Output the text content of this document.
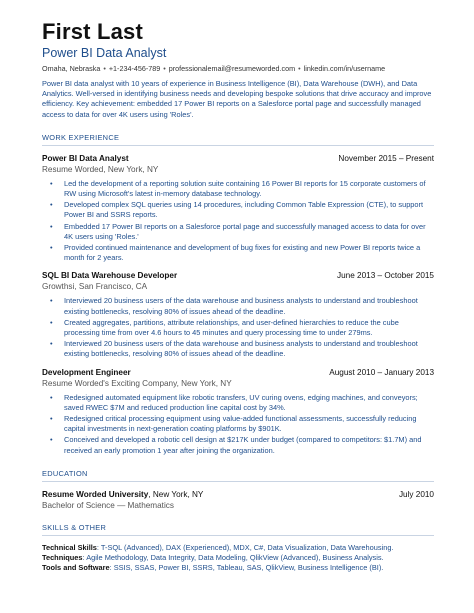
First Last
Power BI Data Analyst
Omaha, Nebraska • +1-234-456-789 • professionalemail@resumeworded.com • linkedin.com/in/username
Power BI data analyst with 10 years of experience in Business Intelligence (BI), Data Warehouse (DWH), and Data Analytics. Well-versed in identifying business needs and developing bespoke solutions that drive accuracy and improve efficiency. Key achievement: embedded 17 Power BI reports on a Salesforce portal page and successfully managed access to data for over 4K users using 'Roles'.
WORK EXPERIENCE
Power BI Data Analyst	November 2015 – Present
Resume Worded, New York, NY
• Led the development of a reporting solution suite containing 16 Power BI reports for 15 corporate customers of RW using Microsoft's latest in-memory database technology.
• Developed complex SQL queries using 14 procedures, including Common Table Expression (CTE), to support Power BI and SSRS reports.
• Embedded 17 Power BI reports on a Salesforce portal page and successfully managed access to data for over 4K users using 'Roles.'
• Provided continued maintenance and development of bug fixes for existing and new Power BI reports twice a month for 2 years.
SQL BI Data Warehouse Developer	June 2013 – October 2015
Growthsi, San Francisco, CA
• Interviewed 20 business users of the data warehouse and business analysts to understand and troubleshoot existing bottlenecks, resolving 80% of issues ahead of the deadline.
• Created aggregates, partitions, attribute relationships, and user-defined hierarchies to reduce the cube processing time from over 4.6 hours to 45 minutes and query processing time to under 279ms.
• Interviewed 20 business users of the data warehouse and business analysts to understand and troubleshoot existing bottlenecks, resolving 80% of issues ahead of the deadline.
Development Engineer	August 2010 – January 2013
Resume Worded's Exciting Company, New York, NY
• Redesigned automated equipment like robotic transfers, UV curing ovens, edging machines, and conveyors; saved RWEC $7M and reduced production line capital cost by 34%.
• Redesigned critical processing equipment using value-added functional assessments, successfully reducing capital investments in next-generation coating platforms by $901K.
• Conceived and developed a robotic cell design at $217K under budget (compared to competitors: $1.7M) and received an early promotion 1 year after joining the organization.
EDUCATION
Resume Worded University, New York, NY	July 2010
Bachelor of Science — Mathematics
SKILLS & OTHER
Technical Skills: T-SQL (Advanced), DAX (Experienced), MDX, C#, Data Visualization, Data Warehousing.
Techniques: Agile Methodology, Data Integrity, Data Modeling, QlikView (Advanced), Business Analysis.
Tools and Software: SSIS, SSAS, Power BI, SSRS, Tableau, SAS, QlikView, Business Intelligence (BI).
